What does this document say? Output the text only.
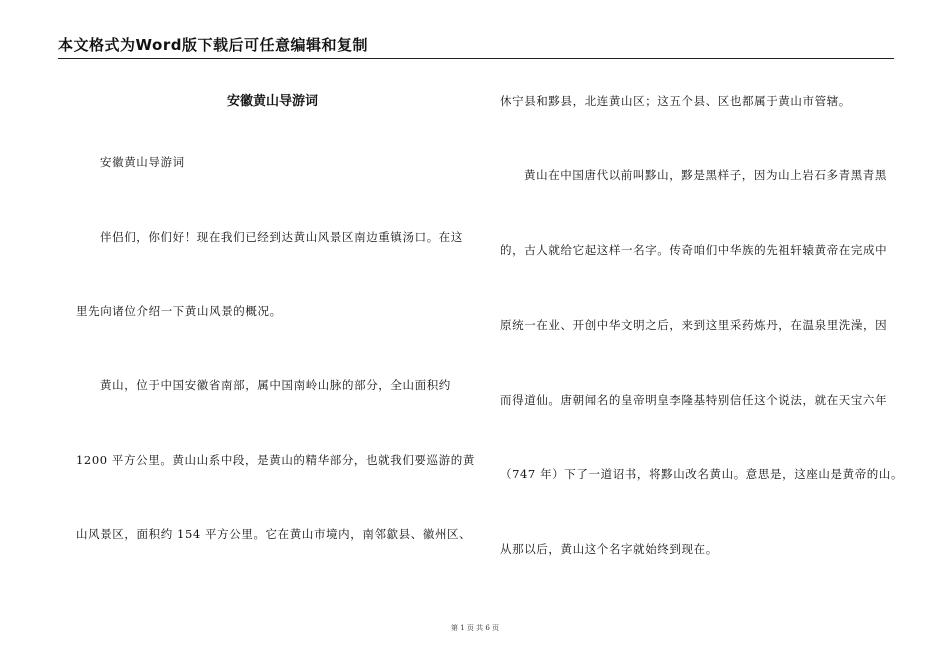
本文格式为Word版下载后可任意编辑和复制
安徽黄山导游词
安徽黄山导游词
伴侣们，你们好！现在我们已经到达黄山风景区南边重镇汤口。在这
里先向诸位介绍一下黄山风景的概况。
黄山，位于中国安徽省南部，属中国南岭山脉的部分，全山面积约
1200 平方公里。黄山山系中段，是黄山的精华部分，也就我们要巡游的黄
山风景区，面积约 154 平方公里。它在黄山市境内，南邻歙县、徽州区、
休宁县和黟县，北连黄山区；这五个县、区也都属于黄山市管辖。
黄山在中国唐代以前叫黟山，黟是黑样子，因为山上岩石多青黑青黑
的，古人就给它起这样一名字。传奇咱们中华族的先祖轩辕黄帝在完成中
原统一在业、开创中华文明之后，来到这里采药炼丹，在温泉里洗澡，因
而得道仙。唐朝闻名的皇帝明皇李隆基特别信任这个说法，就在天宝六年
（747 年）下了一道诏书，将黟山改名黄山。意思是，这座山是黄帝的山。
从那以后，黄山这个名字就始终到现在。
第 1 页 共 6 页
